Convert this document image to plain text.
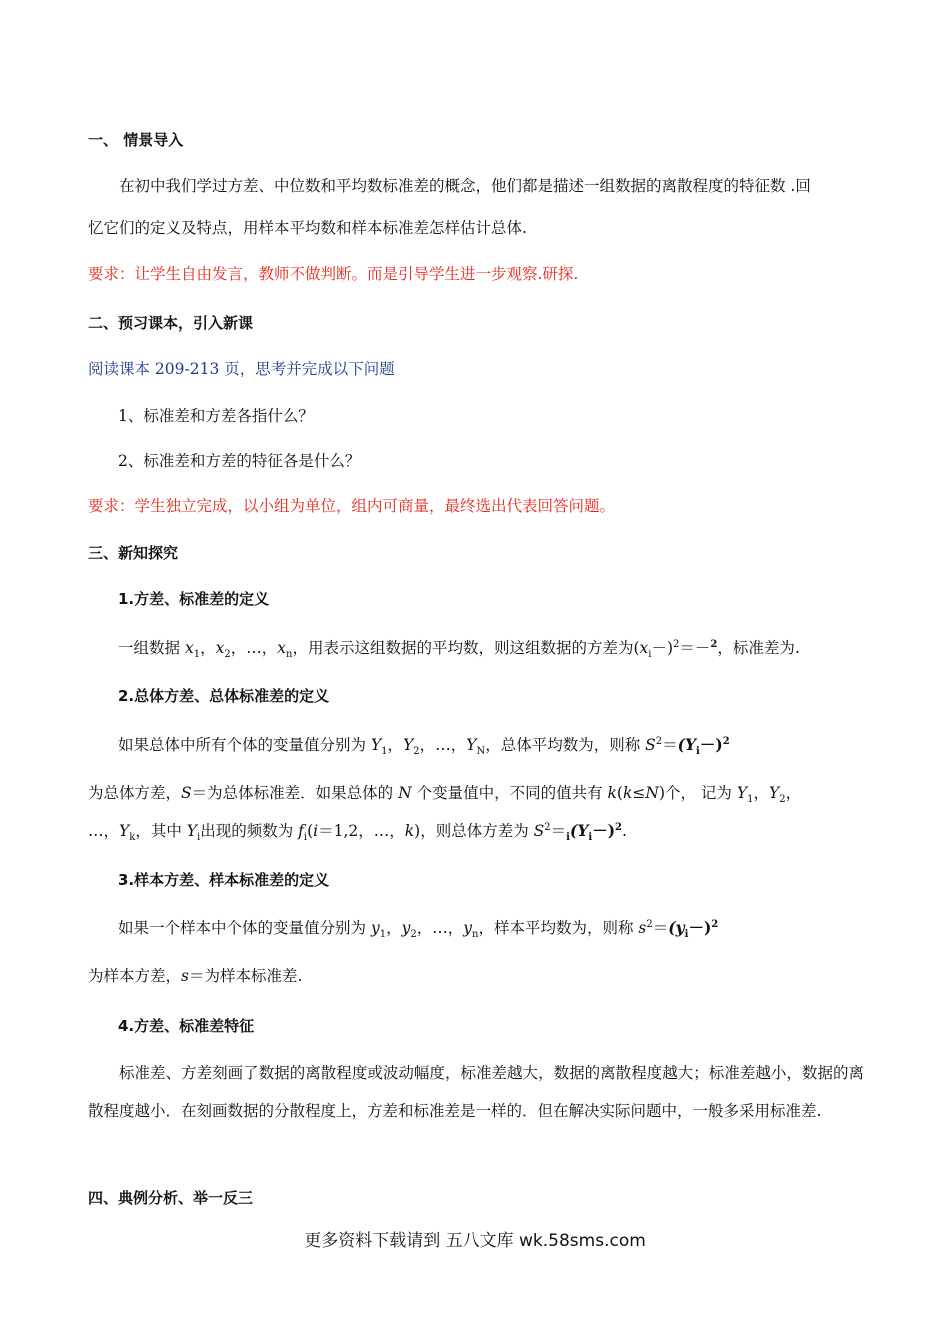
一、 情景导入
在初中我们学过方差、中位数和平均数标准差的概念，他们都是描述一组数据的离散程度的特征数 .回
忆它们的定义及特点，用样本平均数和样本标准差怎样估计总体.
要求：让学生自由发言，教师不做判断。而是引导学生进一步观察.研探.
二、预习课本，引入新课
阅读课本 209-213 页，思考并完成以下问题
1、标准差和方差各指什么？
2、标准差和方差的特征各是什么？
要求：学生独立完成，以小组为单位，组内可商量，最终选出代表回答问题。
三、新知探究
1.方差、标准差的定义
一组数据 $x_1$，$x_2$，…，$x_n$，用表示这组数据的平均数，则这组数据的方差为$(x_i-)^2=-^2$，标准差为.
2.总体方差、总体标准差的定义
如果总体中所有个体的变量值分别为 $Y_1$，$Y_2$，…，$Y_N$，总体平均数为，则称 $S^2=(Y_i-)^2$
为总体方差，S＝为总体标准差．如果总体的 N 个变量值中，不同的值共有 k(k≤N)个， 记为 $Y_1$，$Y_2$，
…，$Y_k$，其中 $Y_i$出现的频数为 $f_i(i=1,2$，…，k)，则总体方差为 $S^2=_i(Y_i-)^2$.
3.样本方差、样本标准差的定义
如果一个样本中个体的变量值分别为 $y_1$，$y_2$，…，$y_n$，样本平均数为，则称 $s^2=(y_i-)^2$
为样本方差，s＝为样本标准差.
4.方差、标准差特征
标准差、方差刻画了数据的离散程度或波动幅度，标准差越大，数据的离散程度越大；标准差越小，数据的离散程度越小．在刻画数据的分散程度上，方差和标准差是一样的．但在解决实际问题中，一般多采用标准差.
四、典例分析、举一反三
更多资料下载请到 五八文库 wk.58sms.com
